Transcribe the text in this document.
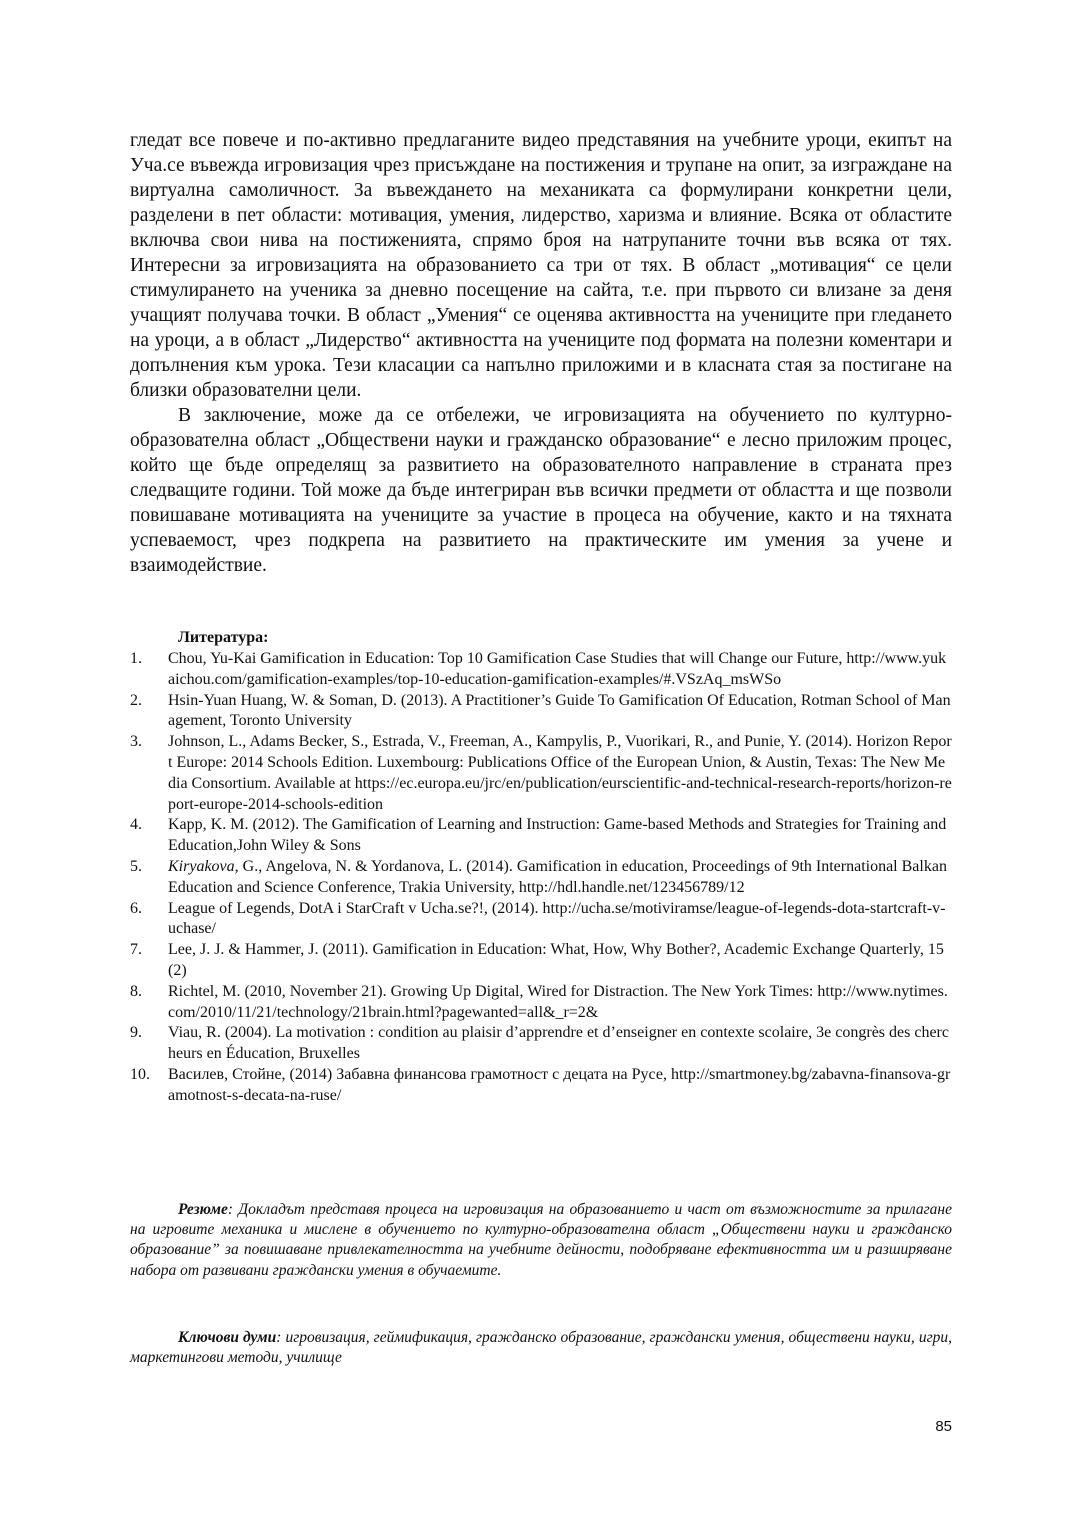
гледат все повече и по-активно предлаганите видео представяния на учебните уроци, екипът на Уча.се въвежда игровизация чрез присъждане на постижения и трупане на опит, за изграждане на виртуална самоличност. За въвеждането на механиката са формулирани конкретни цели, разделени в пет области: мотивация, умения, лидерство, харизма и влияние. Всяка от областите включва свои нива на постиженията, спрямо броя на натрупаните точни във всяка от тях. Интересни за игровизацията на образованието са три от тях. В област „мотивация“ се цели стимулирането на ученика за дневно посещение на сайта, т.е. при първото си влизане за деня учащият получава точки. В област „Умения“ се оценява активността на учениците при гледането на уроци, а в област „Лидерство“ активността на учениците под формата на полезни коментари и допълнения към урока. Тези класации са напълно приложими и в класната стая за постигане на близки образователни цели.

В заключение, може да се отбележи, че игровизацията на обучението по културно-образователна област „Обществени науки и гражданско образование“ е лесно приложим процес, който ще бъде определящ за развитието на образователното направление в страната през следващите години. Той може да бъде интегриран във всички предмети от областта и ще позволи повишаване мотивацията на учениците за участие в процеса на обучение, както и на тяхната успеваемост, чрез подкрепа на развитието на практическите им умения за учене и взаимодействие.

Литература:
1. Chou, Yu-Kai Gamification in Education: Top 10 Gamification Case Studies that will Change our Future, http://www.yukaichou.com/gamification-examples/top-10-education-gamification-examples/#.VSzAq_msWSo
2. Hsin-Yuan Huang, W. & Soman, D. (2013). A Practitioner’s Guide To Gamification Of Education, Rotman School of Management, Toronto University
3. Johnson, L., Adams Becker, S., Estrada, V., Freeman, A., Kampylis, P., Vuorikari, R., and Punie, Y. (2014). Horizon Report Europe: 2014 Schools Edition. Luxembourg: Publications Office of the European Union, & Austin, Texas: The New Media Consortium. Available at https://ec.europa.eu/jrc/en/publication/eurscientific-and-technical-research-reports/horizon-report-europe-2014-schools-edition
4. Kapp, K. M. (2012). The Gamification of Learning and Instruction: Game-based Methods and Strategies for Training and Education,John Wiley & Sons
5. Kiryakova, G., Angelova, N. & Yordanova, L. (2014). Gamification in education, Proceedings of 9th International Balkan Education and Science Conference, Trakia University, http://hdl.handle.net/123456789/12
6. League of Legends, DotA i StarCraft v Ucha.se?!, (2014). http://ucha.se/motiviramse/league-of-legends-dota-startcraft-v-uchase/
7. Lee, J. J. & Hammer, J. (2011). Gamification in Education: What, How, Why Bother?, Academic Exchange Quarterly, 15(2)
8. Richtel, M. (2010, November 21). Growing Up Digital, Wired for Distraction. The New York Times: http://www.nytimes.com/2010/11/21/technology/21brain.html?pagewanted=all&_r=2&
9. Viau, R. (2004). La motivation : condition au plaisir d’apprendre et d’enseigner en contexte scolaire, 3e congrès des chercheurs en Éducation, Bruxelles
10. Василев, Стойне, (2014) Забавна финансова грамотност с децата на Русе, http://smartmoney.bg/zabavna-finansova-gramotnost-s-decata-na-ruse/

Резюме: Докладът представя процеса на игровизация на образованието и част от възможностите за прилагане на игровите механика и мислене в обучението по културно-образователна област „Обществени науки и гражданско образование” за повишаване привлекателността на учебните дейности, подобряване ефективността им и разширяване набора от развивани граждански умения в обучаемите.

Ключови думи: игровизация, геймификация, гражданско образование, граждански умения, обществени науки, игри, маркетингови методи, училище

85
